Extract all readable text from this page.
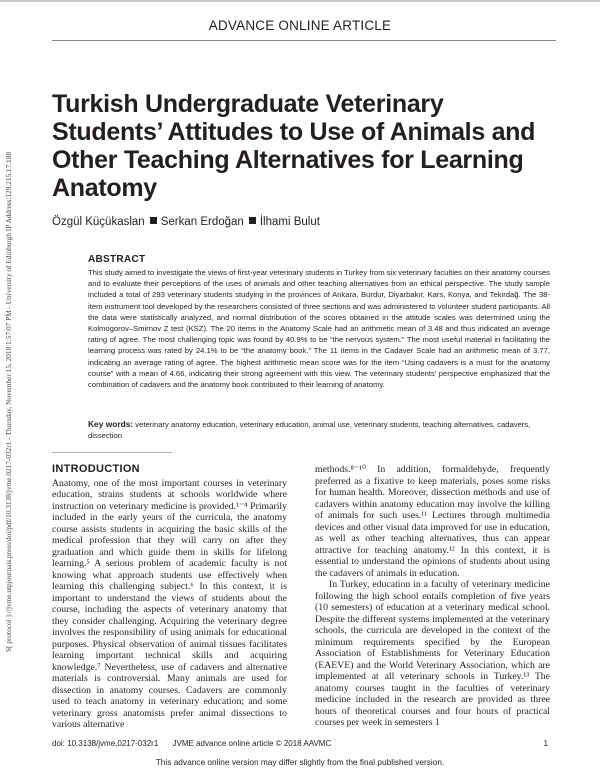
S[ protocol ]://jvme.utpjournals.press/doi/pdf/10.3138/jvme.0217-032r1 - Thursday, November 15, 2018 1:57:07 PM - University of Edinburgh IP Address:129.215.17.188
ADVANCE ONLINE ARTICLE
Turkish Undergraduate Veterinary Students’ Attitudes to Use of Animals and Other Teaching Alternatives for Learning Anatomy
Özgül Küçükaslan Serkan Erdoğan İlhami Bulut
ABSTRACT

This study aimed to investigate the views of first-year veterinary students in Turkey from six veterinary faculties on their anatomy courses and to evaluate their perceptions of the uses of animals and other teaching alternatives from an ethical perspective. The study sample included a total of 293 veterinary students studying in the provinces of Ankara, Burdur, Diyarbakır, Kars, Konya, and Tekirdağ. The 38-item instrument tool developed by the researchers consisted of three sections and was administered to volunteer student participants. All the data were statistically analyzed, and normal distribution of the scores obtained in the attitude scales was determined using the Kolmogorov–Smirnov Z test (KSZ). The 20 items in the Anatomy Scale had an arithmetic mean of 3.48 and thus indicated an average rating of agree. The most challenging topic was found by 40.9% to be “the nervous system.” The most useful material in facilitating the learning process was rated by 24.1% to be “the anatomy book.” The 11 items in the Cadaver Scale had an arithmetic mean of 3.77, indicating an average rating of agree. The highest arithmetic mean score was for the item “Using cadavers is a must for the anatomy course” with a mean of 4.66, indicating their strong agreement with this view. The veterinary students’ perspective emphasized that the combination of cadavers and the anatomy book contributed to their learning of anatomy.

Key words: veterinary anatomy education, veterinary education, animal use, veterinary students, teaching alternatives, cadavers, dissection
INTRODUCTION

Anatomy, one of the most important courses in veterinary education, strains students at schools worldwide where instruction on veterinary medicine is provided.¹⁻⁴ Primarily included in the early years of the curricula, the anatomy course assists students in acquiring the basic skills of the medical profession that they will carry on after they graduation and which guide them in skills for lifelong learning.⁵ A serious problem of academic faculty is not knowing what approach students use effectively when learning this challenging subject.⁶ In this context, it is important to understand the views of students about the course, including the aspects of veterinary anatomy that they consider challenging. Acquiring the veterinary degree involves the responsibility of using animals for educational purposes. Physical observation of animal tissues facilitates learning important technical skills and acquiring knowledge.⁷ Nevertheless, use of cadavers and alternative materials is controversial. Many animals are used for dissection in anatomy courses. Cadavers are commonly used to teach anatomy in veterinary education; and some veterinary gross anatomists prefer animal dissections to various alternative

methods.⁸⁻¹⁰ In addition, formaldehyde, frequently preferred as a fixative to keep materials, poses some risks for human health. Moreover, dissection methods and use of cadavers within anatomy education may involve the killing of animals for such uses.¹¹ Lectures through multimedia devices and other visual data improved for use in education, as well as other teaching alternatives, thus can appear attractive for teaching anatomy.¹² In this context, it is essential to understand the opinions of students about using the cadavers of animals in education.

In Turkey, education in a faculty of veterinary medicine following the high school entails completion of five years (10 semesters) of education at a veterinary medical school. Despite the different systems implemented at the veterinary schools, the curricula are developed in the context of the minimum requirements specified by the European Association of Establishments for Veterinary Education (EAEVE) and the World Veterinary Association, which are implemented at all veterinary schools in Turkey.¹³ The anatomy courses taught in the faculties of veterinary medicine included in the research are provided as three hours of theoretical courses and four hours of practical courses per week in semesters 1

doi: 10.3138/jvme.0217-032r1 JVME advance online article © 2018 AAVMC	1
This advance online version may differ slightly from the final published version.
